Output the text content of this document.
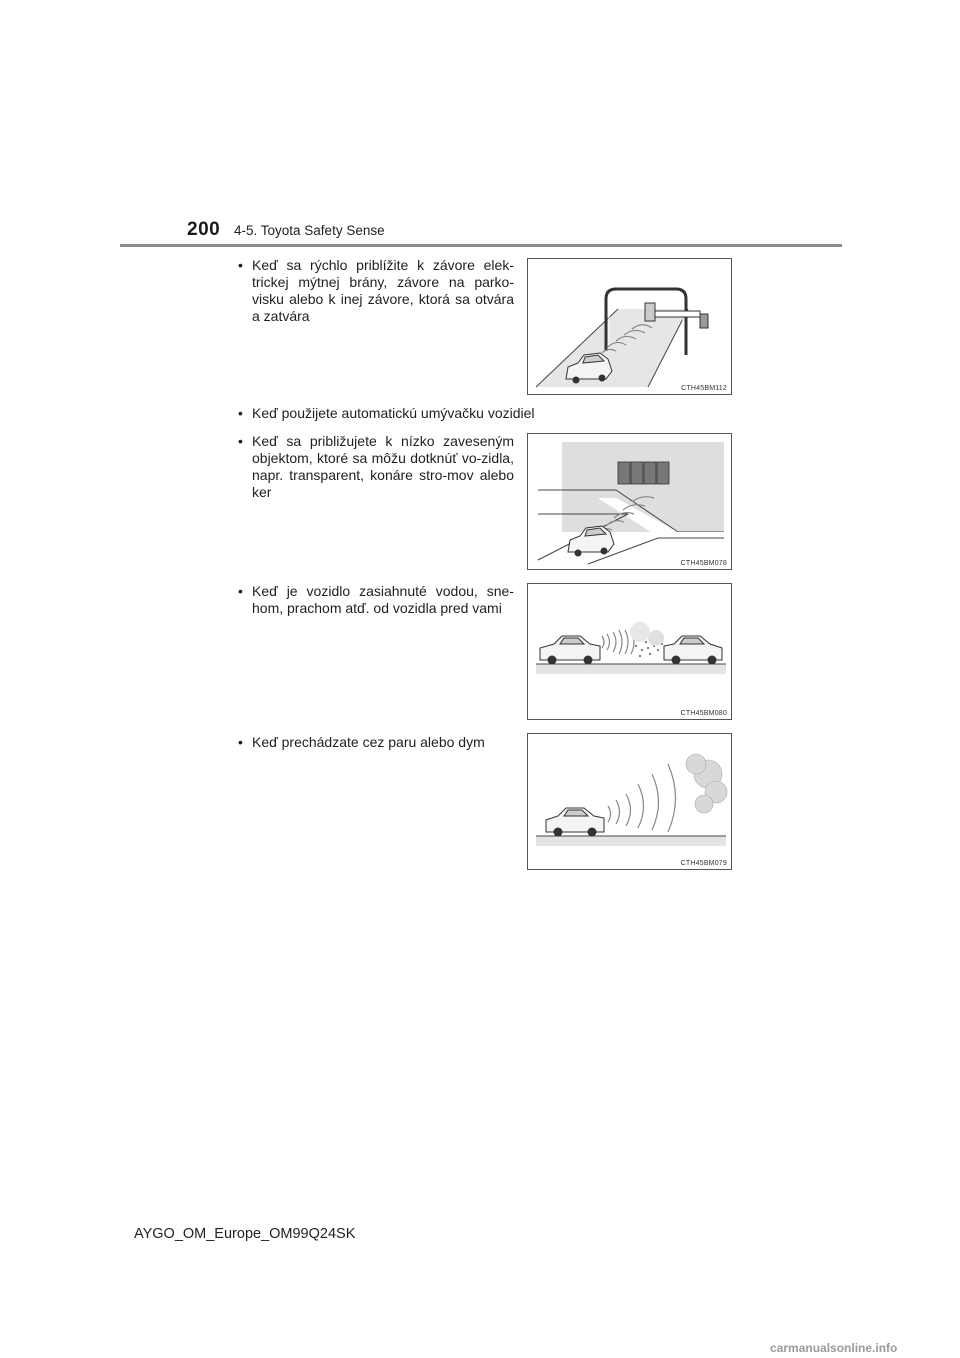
200 4-5. Toyota Safety Sense
• Keď sa rýchlo priblížite k závore elek-trickej mýtnej brány, závore na parko-visku alebo k inej závore, ktorá sa otvára a zatvára
CTH45BM112
• Keď použijete automatickú umývačku vozidiel
• Keď sa približujete k nízko zaveseným objektom, ktoré sa môžu dotknúť vo-zidla, napr. transparent, konáre stro-mov alebo ker
CTH45BM078
• Keď je vozidlo zasiahnuté vodou, sne-hom, prachom atď. od vozidla pred vami
CTH45BM080
• Keď prechádzate cez paru alebo dym
CTH45BM079
AYGO_OM_Europe_OM99Q24SK
carmanualsonline.info
